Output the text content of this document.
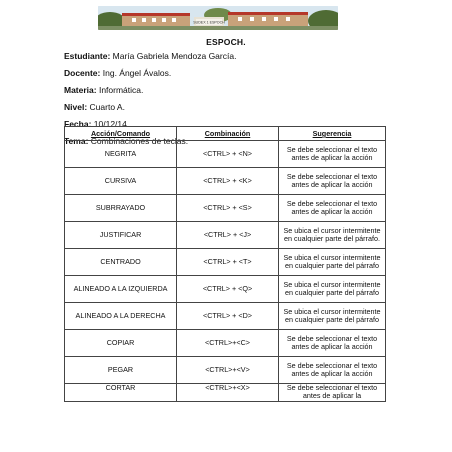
SUDEX 1 ESPOCH
ESPOCH.
Estudiante: María Gabriela Mendoza García.
Docente: Ing. Ángel Ávalos.
Materia: Informática.
Nivel: Cuarto A.
Fecha: 10/12/14
Tema: Combinaciones de teclas.
Acción/Comando	Combinación	Sugerencia
NEGRITA	<CTRL> + <N>	Se debe seleccionar el texto antes de aplicar la acción
CURSIVA	<CTRL> + <K>	Se debe seleccionar el texto antes de aplicar la acción
SUBRRAYADO	<CTRL> + <S>	Se debe seleccionar el texto antes de aplicar la acción
JUSTIFICAR	<CTRL> + <J>	Se ubica el cursor intermitente en cualquier parte del párrafo.
CENTRADO	<CTRL> + <T>	Se ubica el cursor intermitente en cualquier parte del párrafo
ALINEADO A LA IZQUIERDA	<CTRL> + <Q>	Se ubica el cursor intermitente en cualquier parte del párrafo
ALINEADO A LA DERECHA	<CTRL> + <D>	Se ubica el cursor intermitente en cualquier parte del párrafo
COPIAR	<CTRL>+<C>	Se debe seleccionar el texto antes de aplicar la acción
PEGAR	<CTRL>+<V>	Se debe seleccionar el texto antes de aplicar la acción

CORTAR	<CTRL>+<X>	Se debe seleccionar el texto antes de aplicar la
